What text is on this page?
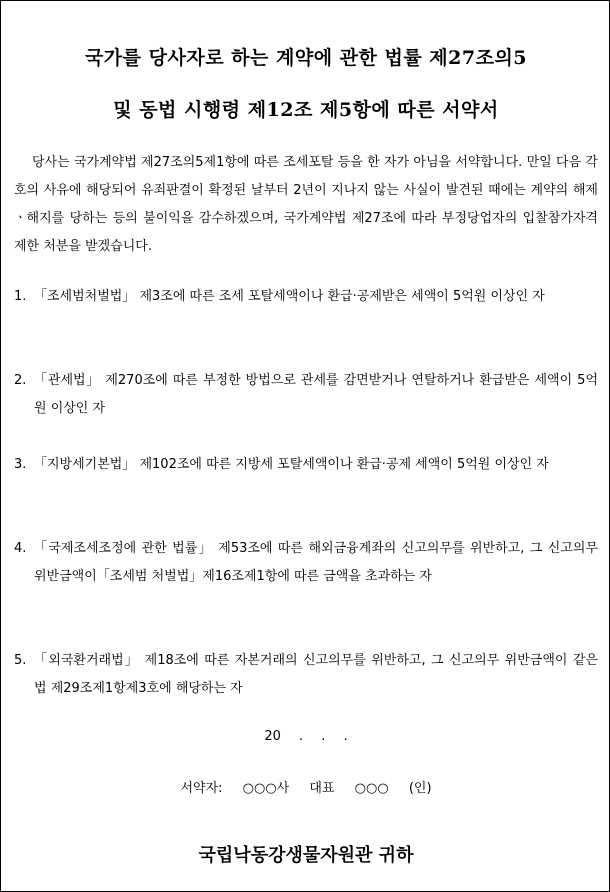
국가를 당사자로 하는 계약에 관한 법률 제27조의5
및 동법 시행령 제12조 제5항에 따른 서약서

당사는 국가계약법 제27조의5제1항에 따른 조세포탈 등을 한 자가 아님을 서약합니다. 만일 다음 각 호의 사유에 해당되어 유죄판결이 확정된 날부터 2년이 지나지 않는 사실이 발견된 때에는 계약의 해제ㆍ해지를 당하는 등의 불이익을 감수하겠으며, 국가계약법 제27조에 따라 부정당업자의 입찰참가자격제한 처분을 받겠습니다.

1. 「조세범처벌법」 제3조에 따른 조세 포탈세액이나 환급·공제받은 세액이 5억원 이상인 자
2. 「관세법」 제270조에 따른 부정한 방법으로 관세를 감면받거나 연탈하거나 환급받은 세액이 5억원 이상인 자
3. 「지방세기본법」 제102조에 따른 지방세 포탈세액이나 환급·공제 세액이 5억원 이상인 자
4. 「국제조세조정에 관한 법률」 제53조에 따른 해외금융계좌의 신고의무를 위반하고, 그 신고의무 위반금액이「조세범 처벌법」제16조제1항에 따른 금액을 초과하는 자
5. 「외국환거래법」 제18조에 따른 자본거래의 신고의무를 위반하고, 그 신고의무 위반금액이 같은 법 제29조제1항제3호에 해당하는 자
20 . . .
서약자: ○○○사 대표 ○○○ (인)
국립낙동강생물자원관 귀하
